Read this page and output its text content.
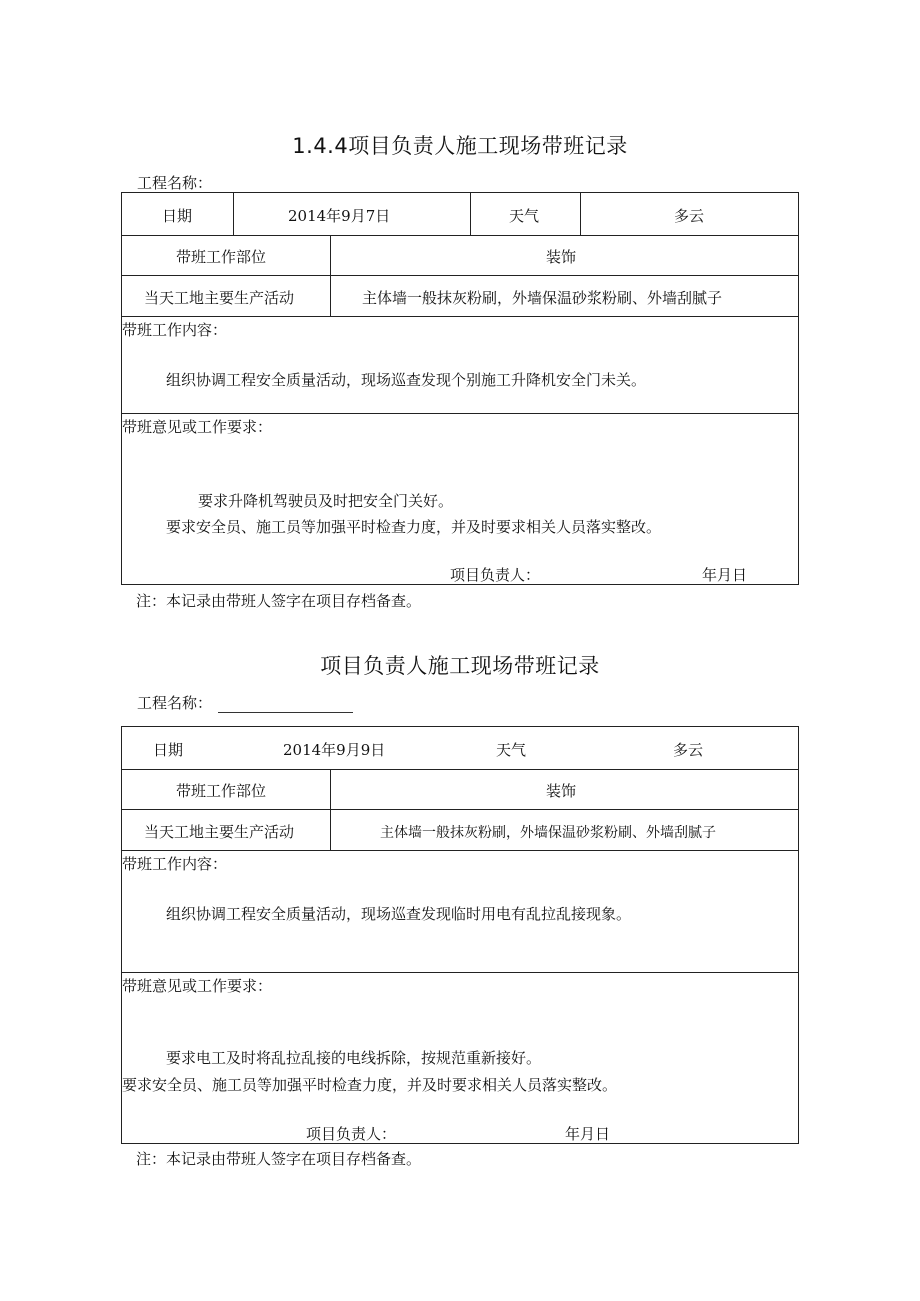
1.4.4项目负责人施工现场带班记录
工程名称：
日期	2014年9月7日	天气	多云
带班工作部位	装饰
当天工地主要生产活动	主体墙一般抹灰粉刷，外墙保温砂浆粉刷、外墙刮腻子
带班工作内容：
组织协调工程安全质量活动，现场巡查发现个别施工升降机安全门未关。
带班意见或工作要求：
要求升降机驾驶员及时把安全门关好。
要求安全员、施工员等加强平时检查力度，并及时要求相关人员落实整改。
项目负责人：	年月日
注：本记录由带班人签字在项目存档备查。
项目负责人施工现场带班记录
工程名称：
日期	2014年9月9日	天气	多云
带班工作部位	装饰
当天工地主要生产活动	主体墙一般抹灰粉刷，外墙保温砂浆粉刷、外墙刮腻子
带班工作内容：
组织协调工程安全质量活动，现场巡查发现临时用电有乱拉乱接现象。
带班意见或工作要求：
要求电工及时将乱拉乱接的电线拆除，按规范重新接好。
要求安全员、施工员等加强平时检查力度，并及时要求相关人员落实整改。
项目负责人：	年月日
注：本记录由带班人签字在项目存档备查。
